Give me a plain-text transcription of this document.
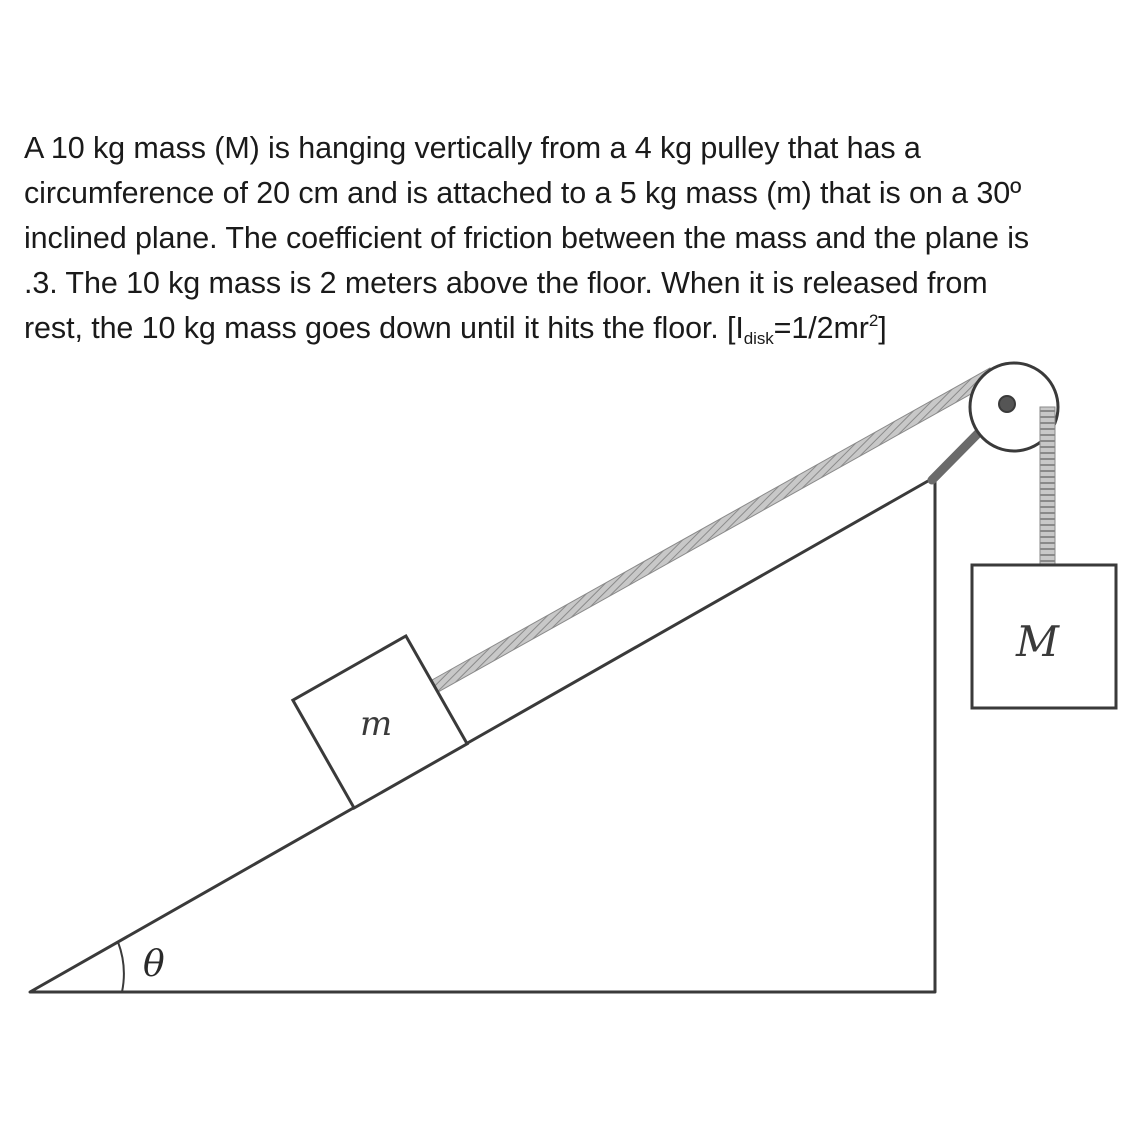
A 10 kg mass (M) is hanging vertically from a 4 kg pulley that has a
circumference of 20 cm and is attached to a 5 kg mass (m) that is on a 30º
inclined plane. The coefficient of friction between the mass and the plane is
.3. The 10 kg mass is 2 meters above the floor. When it is released from
rest, the 10 kg mass goes down until it hits the floor. $[I_{disk}=1/2mr^2]$
θ
m
M
